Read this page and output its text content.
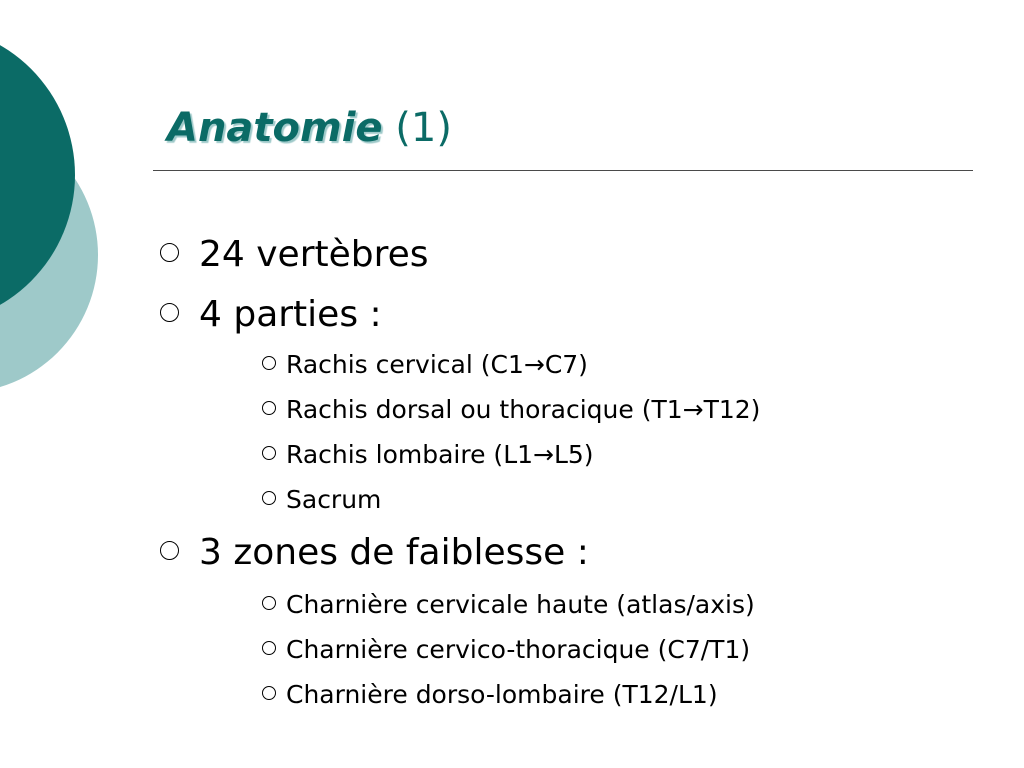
Anatomie (1)
24 vertèbres
4 parties :
Rachis cervical (C1→C7)
Rachis dorsal ou thoracique (T1→T12)
Rachis lombaire (L1→L5)
Sacrum
3 zones de faiblesse :
Charnière cervicale haute (atlas/axis)
Charnière cervico-thoracique (C7/T1)
Charnière dorso-lombaire (T12/L1)
